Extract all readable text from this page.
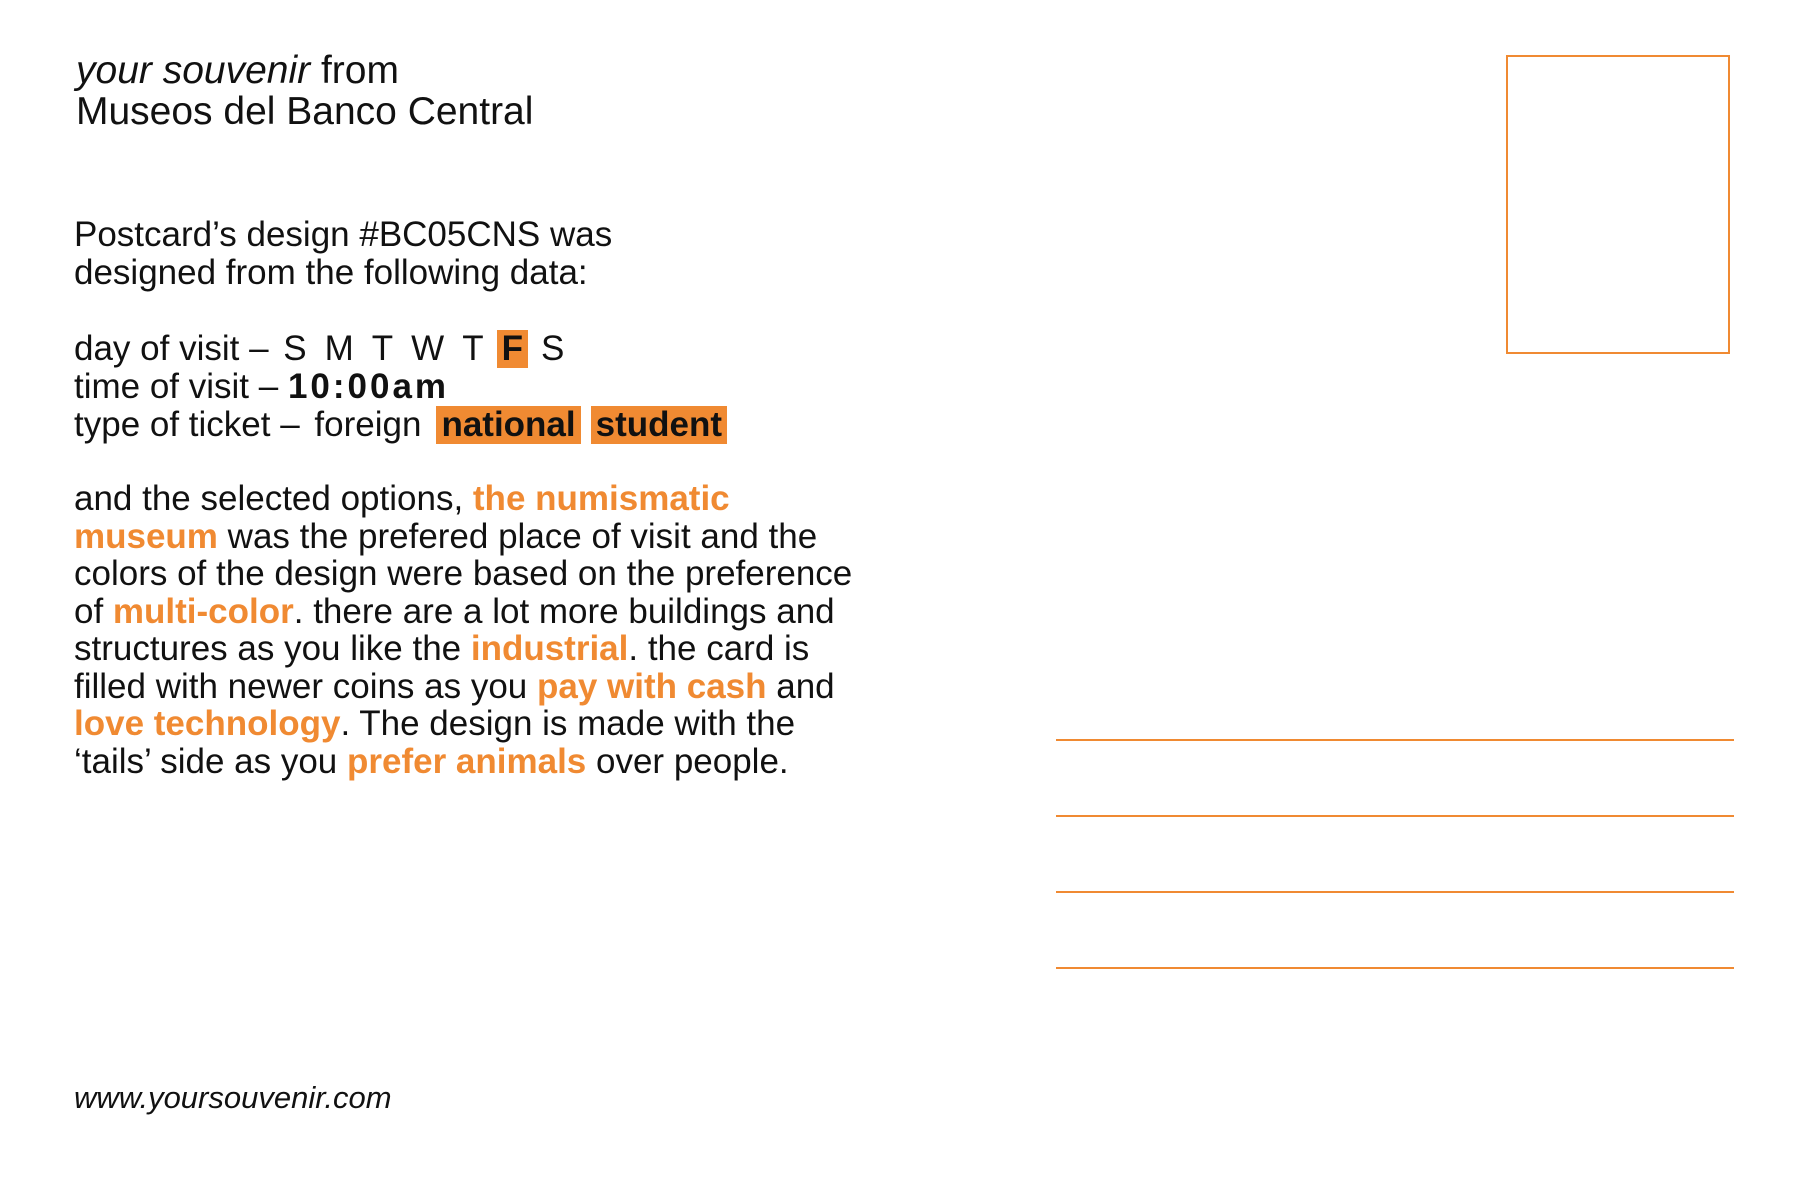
your souvenir from
Museos del Banco Central
Postcard’s design #BC05CNS was
designed from the following data:
day of visit – S M T W T F S
time of visit – 10:00am
type of ticket – foreign national student
and the selected options, the numismatic museum was the prefered place of visit and the colors of the design were based on the preference of multi-color. there are a lot more buildings and structures as you like the industrial. the card is filled with newer coins as you pay with cash and love technology. The design is made with the ‘tails’ side as you prefer animals over people.
www.yoursouvenir.com
